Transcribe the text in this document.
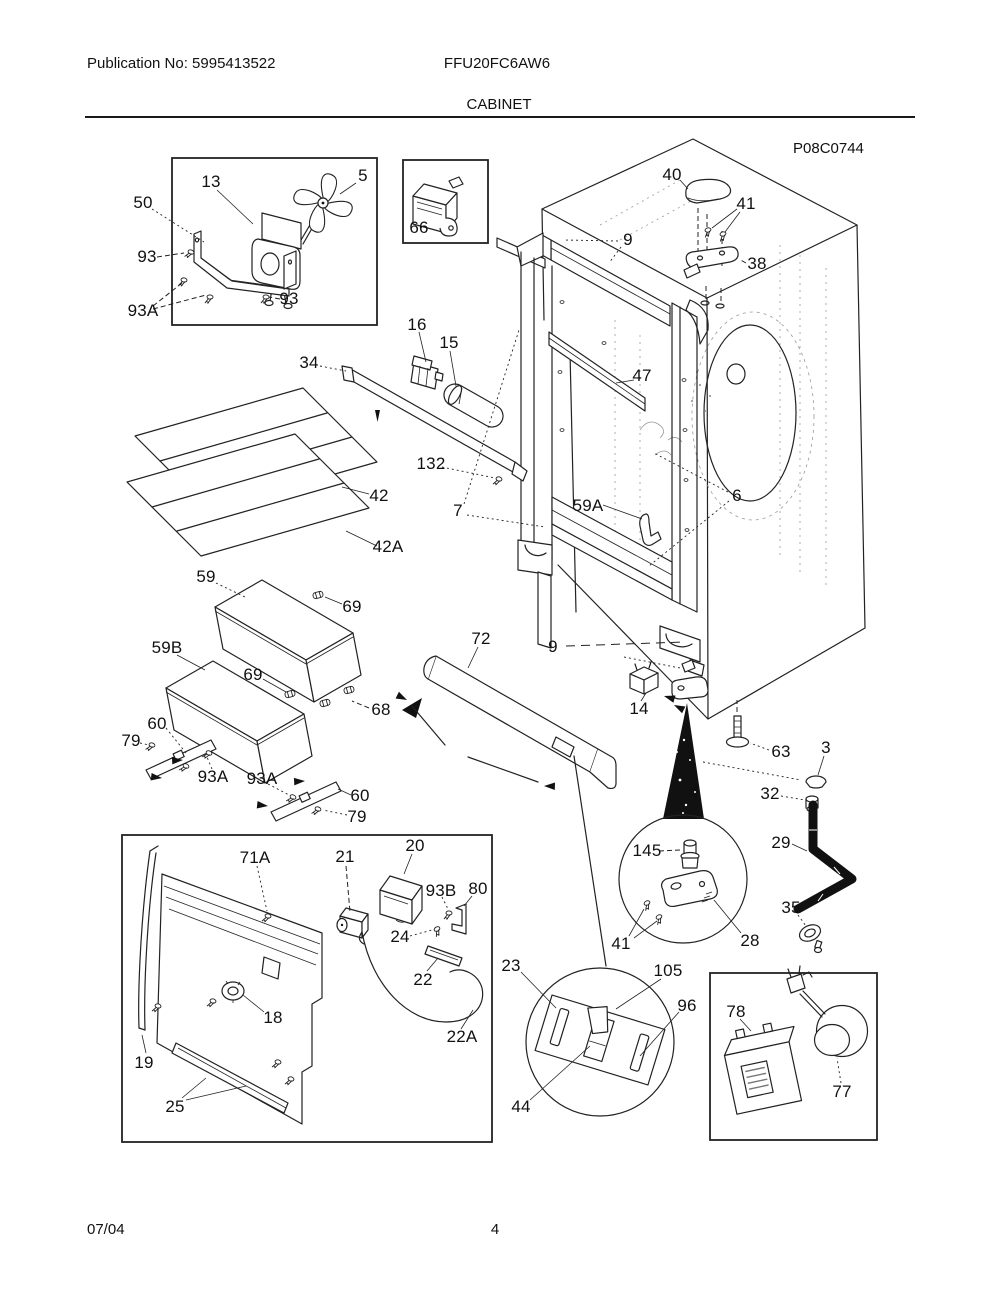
Publication No: 5995413522	FFU20FC6AW6
CABINET
P08C0744
50
13	5
93
93A
93
66
16
15
34
40
41
38
9
47
132
42
42A
7	59A
6
59
69
59B
69
68
60
79
93A 93A
60
79
72	9
14
63 3
32
29
35
145
41	28
23	105
96
44
71A	21
20
93B 80
24
22
18
22A
19
25
78
77
07/04	4
